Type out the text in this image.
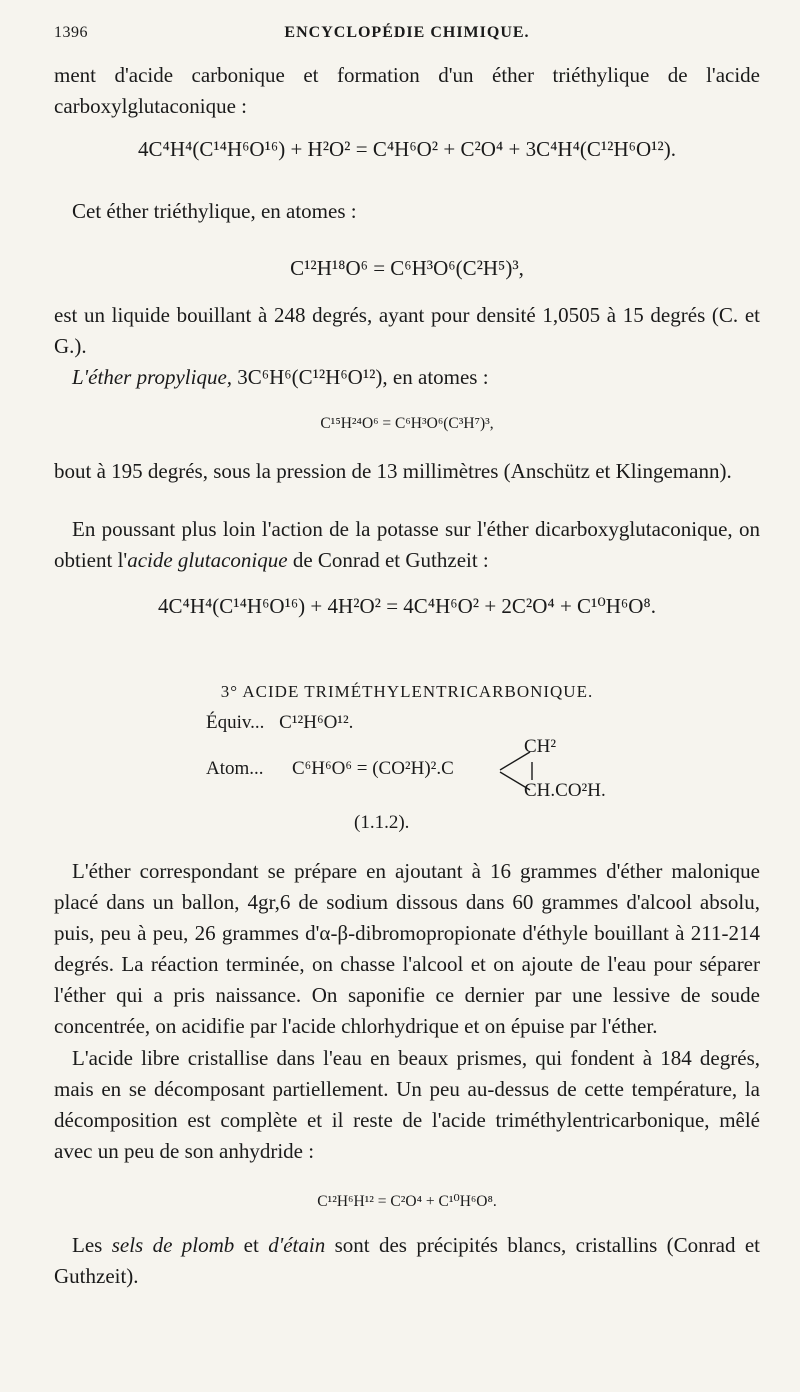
1396	ENCYCLOPÉDIE CHIMIQUE.

ment d'acide carbonique et formation d'un éther triéthylique de l'acide carboxylglutaconique :

4C⁴H⁴(C¹⁴H⁶O¹⁶) + H²O² = C⁴H⁶O² + C²O⁴ + 3C⁴H⁴(C¹²H⁶O¹²).

Cet éther triéthylique, en atomes :

C¹²H¹⁸O⁶ = C⁶H³O⁶(C²H⁵)³,

est un liquide bouillant à 248 degrés, ayant pour densité 1,0505 à 15 degrés (C. et G.).

L'éther propylique, 3C⁶H⁶(C¹²H⁶O¹²), en atomes :

C¹⁵H²⁴O⁶ = C⁶H³O⁶(C³H⁷)³,

bout à 195 degrés, sous la pression de 13 millimètres (Anschütz et Klingemann).

En poussant plus loin l'action de la potasse sur l'éther dicarboxyglutaconique, on obtient l'acide glutaconique de Conrad et Guthzeit :

4C⁴H⁴(C¹⁴H⁶O¹⁶) + 4H²O² = 4C⁴H⁶O² + 2C²O⁴ + C¹⁰H⁶O⁸.
3° ACIDE TRIMÉTHYLENTRICARBONIQUE.
Équiv... C¹²H⁶O¹².
Atom... C⁶H⁶O⁶ = (CO²H)².C
CH²
CH.CO²H.
(1.1.2).

L'éther correspondant se prépare en ajoutant à 16 grammes d'éther malonique placé dans un ballon, 4gr,6 de sodium dissous dans 60 grammes d'alcool absolu, puis, peu à peu, 26 grammes d'α-β-dibromopropionate d'éthyle bouillant à 211-214 degrés. La réaction terminée, on chasse l'alcool et on ajoute de l'eau pour séparer l'éther qui a pris naissance. On saponifie ce dernier par une lessive de soude concentrée, on acidifie par l'acide chlorhydrique et on épuise par l'éther.

L'acide libre cristallise dans l'eau en beaux prismes, qui fondent à 184 degrés, mais en se décomposant partiellement. Un peu au-dessus de cette température, la décomposition est complète et il reste de l'acide triméthylentricarbonique, mêlé avec un peu de son anhydride :

C¹²H⁶H¹² = C²O⁴ + C¹⁰H⁶O⁸.

Les sels de plomb et d'étain sont des précipités blancs, cristallins (Conrad et Guthzeit).
